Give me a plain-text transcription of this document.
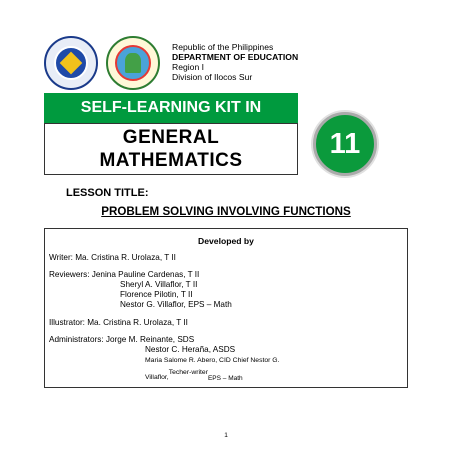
Republic of the Philippines
DEPARTMENT OF EDUCATION
Region I
Division of Ilocos Sur
SELF-LEARNING KIT IN
GENERAL
MATHEMATICS
11
LESSON TITLE:
PROBLEM SOLVING INVOLVING FUNCTIONS
Developed by
Writer: Ma. Cristina R. Urolaza, T II
Reviewers: Jenina Pauline Cardenas, T II
Sheryl A. Villaflor, T II
Florence Pilotin, T II
Nestor G. Villaflor, EPS – Math
Illustrator: Ma. Cristina R. Urolaza, T II
Administrators: Jorge M. Reinante, SDS
Nestor C. Heraña, ASDS
Maria Salome R. Abero, CID Chief Nestor G.
Villaflor,Techer-writerEPS – Math
1
